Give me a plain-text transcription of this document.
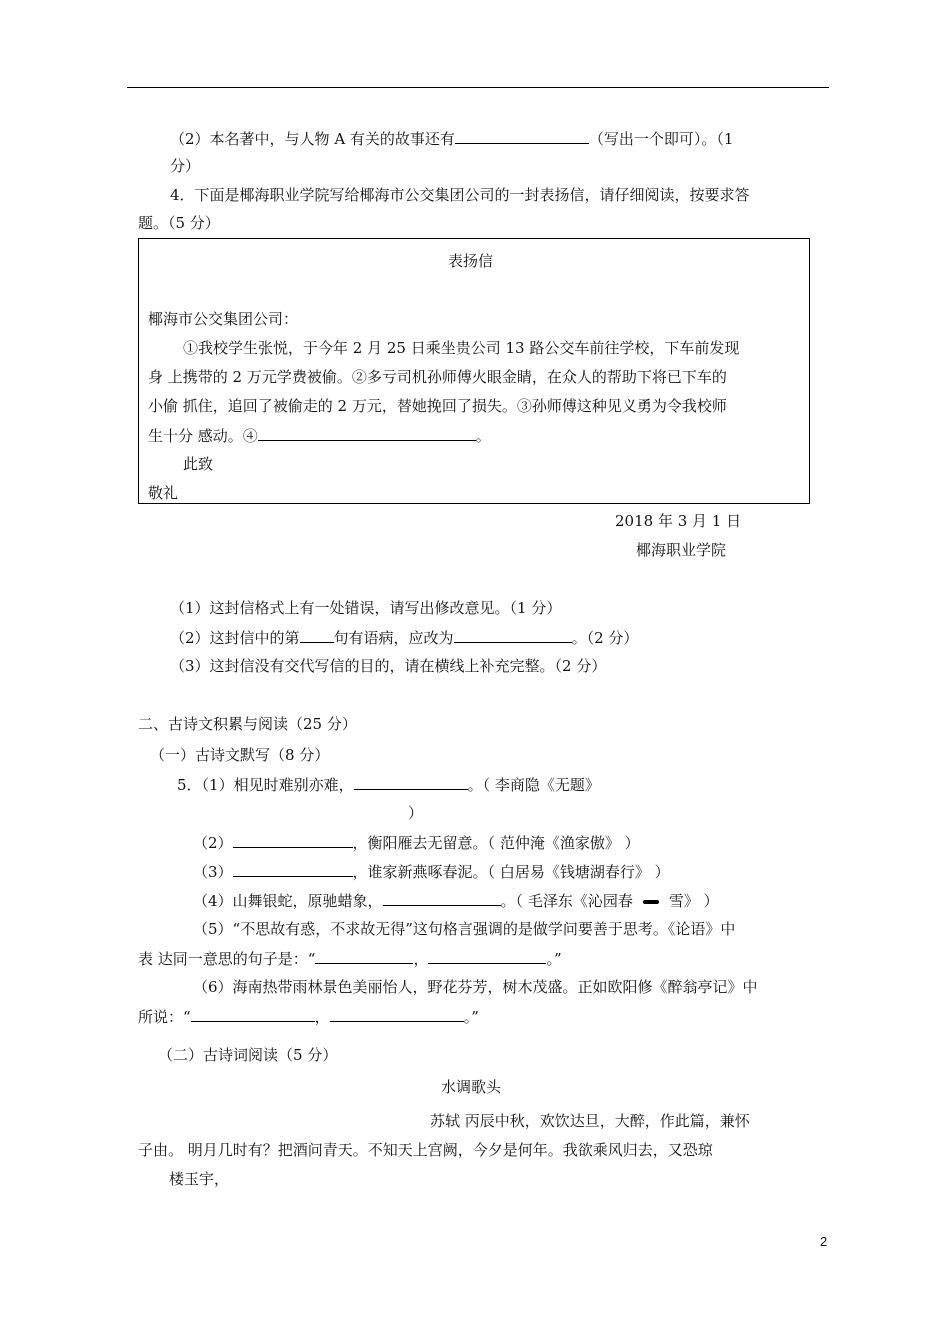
（2）本名著中，与人物 A 有关的故事还有	（写出一个即可）。（1
分）
4．下面是椰海职业学院写给椰海市公交集团公司的一封表扬信，请仔细阅读，按要求答
题。（5 分）
表扬信
椰海市公交集团公司：
①我校学生张悦，于今年 2 月 25 日乘坐贵公司 13 路公交车前往学校，下车前发现
身 上携带的 2 万元学费被偷。②多亏司机孙师傅火眼金睛，在众人的帮助下将已下车的
小偷 抓住，追回了被偷走的 2 万元，替她挽回了损失。③孙师傅这种见义勇为令我校师
生十分 感动。④	。
此致
敬礼
2018 年 3 月 1 日
椰海职业学院
（1）这封信格式上有一处错误，请写出修改意见。（1 分）
（2）这封信中的第 句有语病，应改为	。（2 分）
（3）这封信没有交代写信的目的，请在横线上补充完整。（2 分）
二、古诗文积累与阅读（25 分）
（一）古诗文默写（8 分）
5．（1）相见时难别亦难，	。（ 李商隐《无题》
）
（2）	，衡阳雁去无留意。（ 范仲淹《渔家傲》 ）
（3）	，谁家新燕啄春泥。（ 白居易《钱塘湖春行》 ）
（4）山舞银蛇，原驰蜡象，	。（ 毛泽东《沁园春 雪》 ）
（5）“不思故有惑，不求故无得”这句格言强调的是做学问要善于思考。《论语》中
表 达同一意思的句子是：“	，	。”
（6）海南热带雨林景色美丽怡人，野花芬芳，树木茂盛。正如欧阳修《醉翁亭记》中
所说：“	，	。”
（二）古诗词阅读（5 分）
水调歌头
苏轼 丙辰中秋，欢饮达旦，大醉，作此篇，兼怀
子由。 明月几时有？把酒问青天。不知天上宫阙，今夕是何年。我欲乘风归去，又恐琼
楼玉宇，
2
